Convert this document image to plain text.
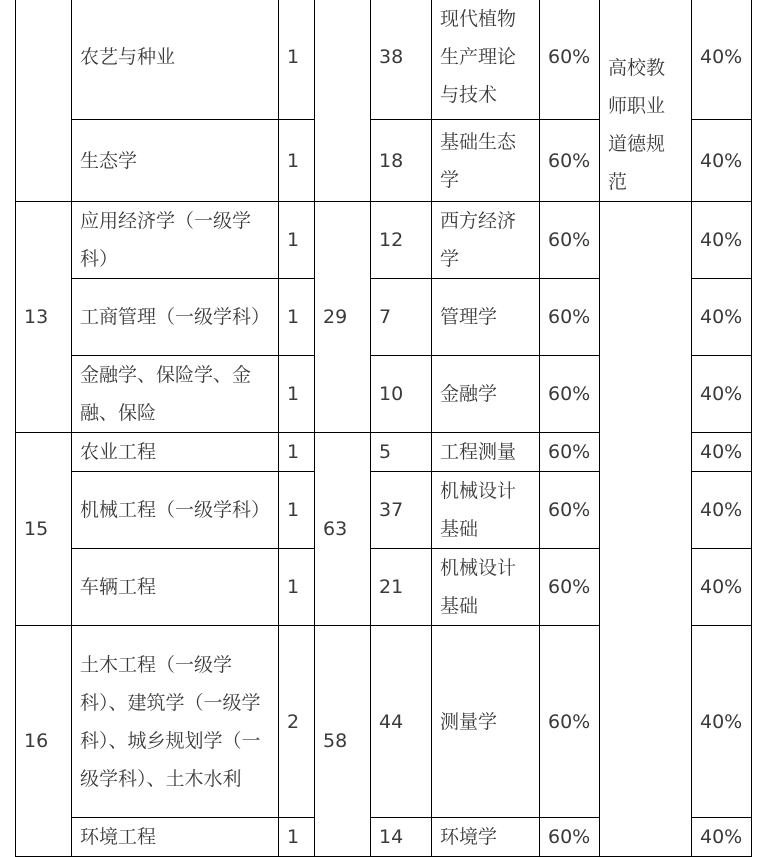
	农艺与种业	1		38	现代植物生产理论与技术	60%	高校教师职业道德规范	40%
	生态学	1		18	基础生态学	60%		40%
13	应用经济学（一级学科）	1	29	12	西方经济学	60%		40%
	工商管理（一级学科）	1		7	管理学	60%		40%
	金融学、保险学、金融、保险	1		10	金融学	60%		40%
15	农业工程	1	63	5	工程测量	60%		40%
	机械工程（一级学科）	1		37	机械设计基础	60%		40%
	车辆工程	1		21	机械设计基础	60%		40%
16	土木工程（一级学科）、建筑学（一级学科）、城乡规划学（一级学科）、土木水利	2	58	44	测量学	60%		40%
	环境工程	1		14	环境学	60%		40%
